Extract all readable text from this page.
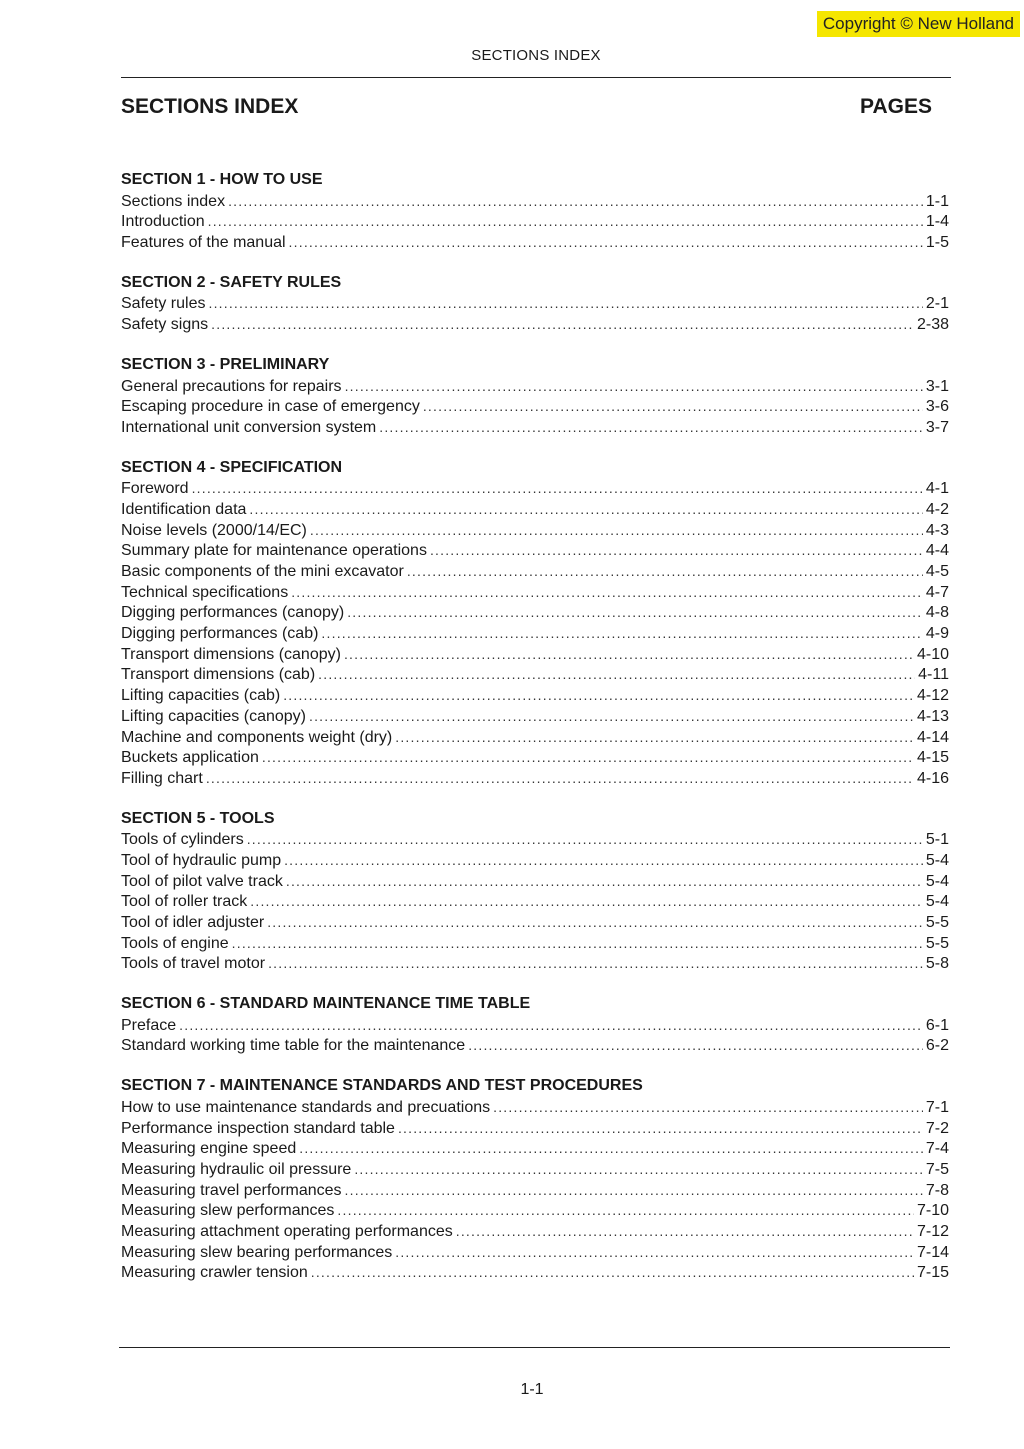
Copyright © New Holland
SECTIONS INDEX
SECTIONS INDEX	PAGES
SECTION 1 - HOW TO USE
Sections index .....	1-1
Introduction .....	1-4
Features of the manual .....	1-5
SECTION 2 - SAFETY RULES
Safety rules .....	2-1
Safety signs .....	2-38
SECTION 3 - PRELIMINARY
General precautions for repairs .....	3-1
Escaping procedure in case of emergency .....	3-6
International unit conversion system .....	3-7
SECTION 4 - SPECIFICATION
Foreword .....	4-1
Identification data .....	4-2
Noise levels (2000/14/EC) .....	4-3
Summary plate for maintenance operations .....	4-4
Basic components of the mini excavator .....	4-5
Technical specifications .....	4-7
Digging performances (canopy) .....	4-8
Digging performances (cab) .....	4-9
Transport dimensions (canopy) .....	4-10
Transport dimensions (cab) .....	4-11
Lifting capacities (cab) .....	4-12
Lifting capacities (canopy) .....	4-13
Machine and components weight (dry) .....	4-14
Buckets application .....	4-15
Filling chart .....	4-16
SECTION 5 - TOOLS
Tools of cylinders .....	5-1
Tool of hydraulic pump .....	5-4
Tool of pilot valve track .....	5-4
Tool of roller track .....	5-4
Tool of idler adjuster .....	5-5
Tools of engine .....	5-5
Tools of travel motor .....	5-8
SECTION 6 - STANDARD MAINTENANCE TIME TABLE
Preface .....	6-1
Standard working time table for the maintenance .....	6-2
SECTION 7 - MAINTENANCE STANDARDS AND TEST PROCEDURES
How to use maintenance standards and precuations .....	7-1
Performance inspection standard table .....	7-2
Measuring engine speed .....	7-4
Measuring hydraulic oil pressure .....	7-5
Measuring travel performances .....	7-8
Measuring slew performances .....	7-10
Measuring attachment operating performances .....	7-12
Measuring slew bearing performances .....	7-14
Measuring crawler tension .....	7-15
1-1
